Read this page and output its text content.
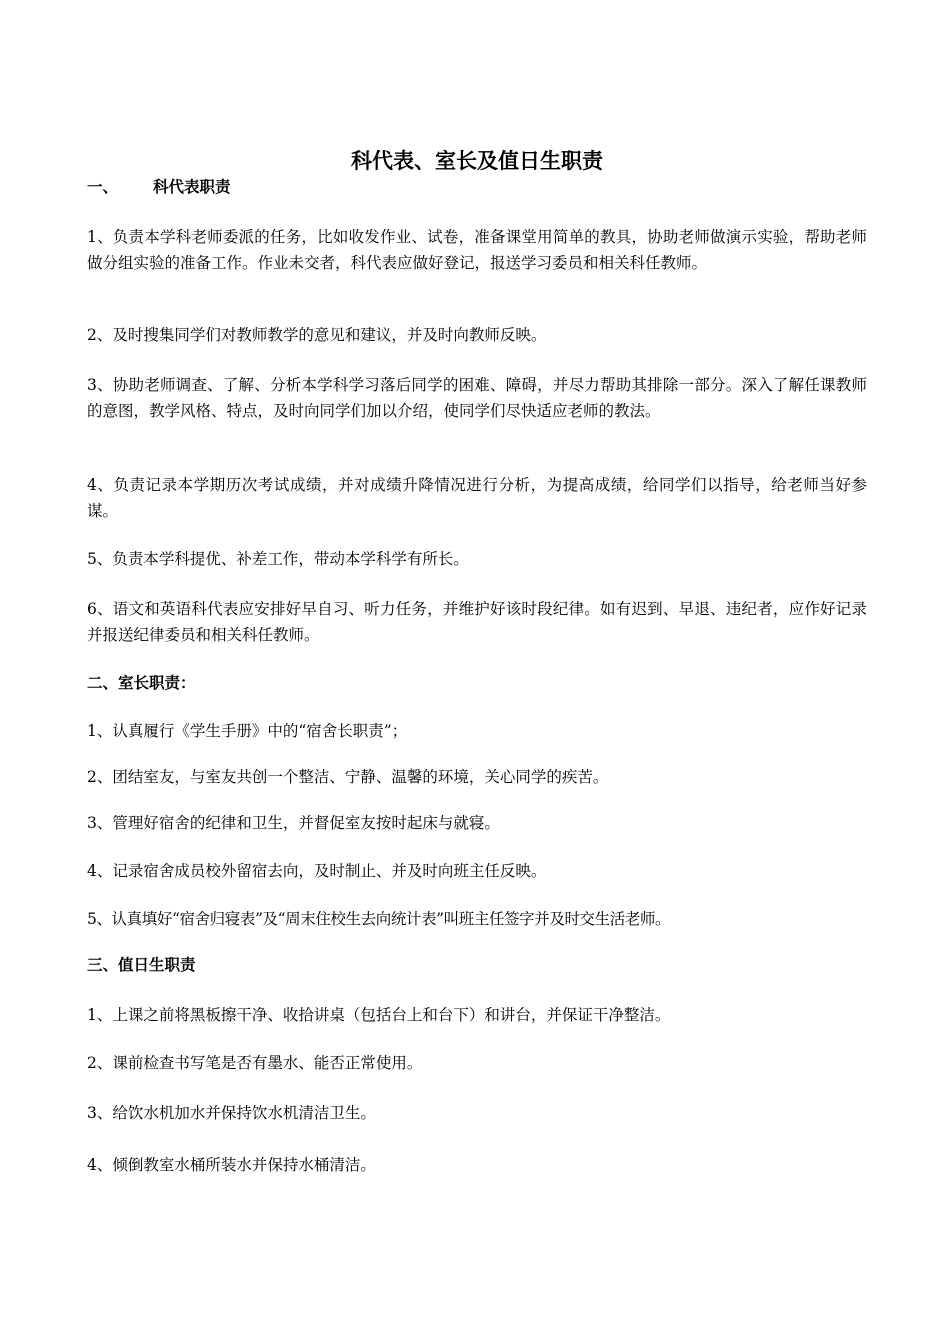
科代表、室长及值日生职责
一、 科代表职责

1、负责本学科老师委派的任务，比如收发作业、试卷，准备课堂用简单的教具，协助老师做演示实验，帮助老师做分组实验的准备工作。作业未交者，科代表应做好登记，报送学习委员和相关科任教师。

2、及时搜集同学们对教师教学的意见和建议，并及时向教师反映。

3、协助老师调查、了解、分析本学科学习落后同学的困难、障碍，并尽力帮助其排除一部分。深入了解任课教师的意图，教学风格、特点，及时向同学们加以介绍，使同学们尽快适应老师的教法。

4、负责记录本学期历次考试成绩，并对成绩升降情况进行分析，为提高成绩，给同学们以指导，给老师当好参谋。

5、负责本学科提优、补差工作，带动本学科学有所长。

6、语文和英语科代表应安排好早自习、听力任务，并维护好该时段纪律。如有迟到、早退、违纪者，应作好记录并报送纪律委员和相关科任教师。

二、室长职责：

1、认真履行《学生手册》中的“宿舍长职责”；

2、团结室友，与室友共创一个整洁、宁静、温馨的环境，关心同学的疾苦。

3、管理好宿舍的纪律和卫生，并督促室友按时起床与就寝。

4、记录宿舍成员校外留宿去向，及时制止、并及时向班主任反映。

5、认真填好“宿舍归寝表”及“周末住校生去向统计表”叫班主任签字并及时交生活老师。

三、值日生职责

1、上课之前将黑板擦干净、收拾讲桌（包括台上和台下）和讲台，并保证干净整洁。

2、课前检查书写笔是否有墨水、能否正常使用。

3、给饮水机加水并保持饮水机清洁卫生。

4、倾倒教室水桶所装水并保持水桶清洁。
